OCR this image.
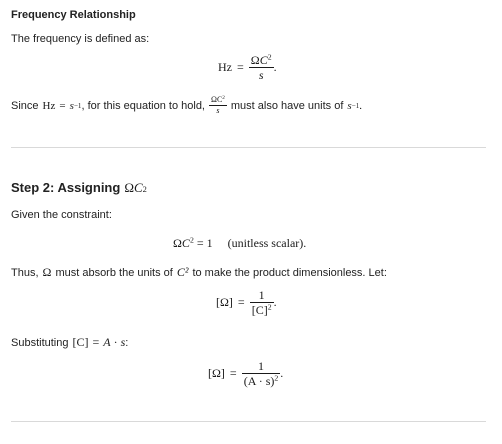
Frequency Relationship
The frequency is defined as:
$Hz = \frac{\Omega C^2}{s}$ .
Since Hz = s −1 , for this equation to hold, $\frac{\Omega C^2}{s}$ must also have units of s −1 .
Step 2: Assigning Ω C 2
Given the constraint:
$\Omega C^2 = 1$ (unitless scalar).
Thus, Ω must absorb the units of C² to make the product dimensionless. Let:
$[\Omega] = \frac{1}{[C]^2}$ .
Substituting [C] = A · s :
$[\Omega] = \frac{1}{(A \cdot s)^2}$ .
